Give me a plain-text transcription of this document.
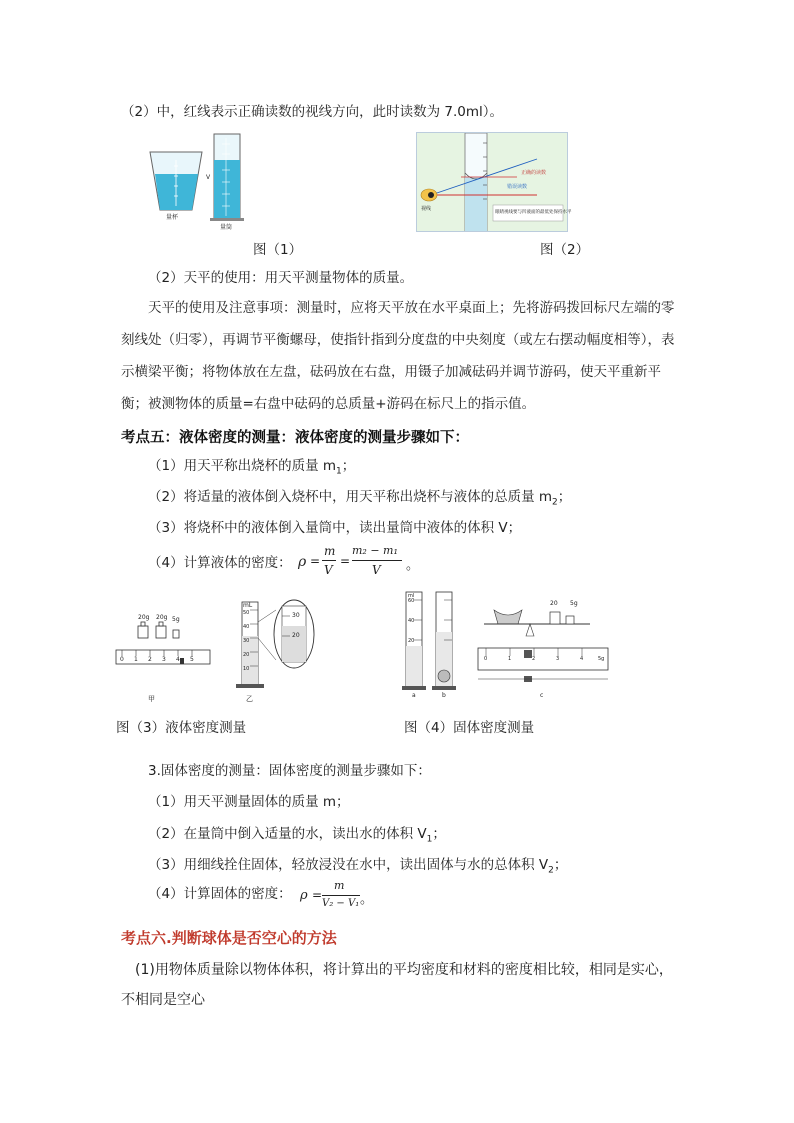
（2）中，红线表示正确读数的视线方向，此时读数为 7.0ml）。
量杯
量筒
V
视线
正确的读数
错误读数
眼睛视线要与凹液面的最低处保持水平
图（1）	图（2）
（2）天平的使用：用天平测量物体的质量。
天平的使用及注意事项：测量时，应将天平放在水平桌面上；先将游码拨回标尺左端的零刻线处（归零），再调节平衡螺母，使指针指到分度盘的中央刻度（或左右摆动幅度相等），表示横梁平衡；将物体放在左盘，砝码放在右盘，用镊子加减砝码并调节游码，使天平重新平衡；被测物体的质量=右盘中砝码的总质量+游码在标尺上的指示值。
考点五：液体密度的测量：液体密度的测量步骤如下：
（1）用天平称出烧杯的质量 $m_1$；
（2）将适量的液体倒入烧杯中，用天平称出烧杯与液体的总质量 $m_2$；
（3）将烧杯中的液体倒入量筒中，读出量筒中液体的体积 V；
（4）计算液体的密度： ρ =
m
V
=
m₂ − m₁
V 。
20g 20g 5g
0 1 2 3 4 5
甲	乙
mL
50
40
30
20
10
30
20
ml
60
40
20
20 5g
0	1	2	3	4	5g
a	b	c
图（3）液体密度测量	图（4）固体密度测量
3.固体密度的测量：固体密度的测量步骤如下：
（1）用天平测量固体的质量 m；
（2）在量筒中倒入适量的水，读出水的体积 $V_1$；
（3）用细线拴住固体，轻放浸没在水中，读出固体与水的总体积 $V_2$；
（4）计算固体的密度： ρ =
m
V₂ − V₁ 。
考点六.判断球体是否空心的方法
(1)用物体质量除以物体体积，将计算出的平均密度和材料的密度相比较，相同是实心，
不相同是空心
